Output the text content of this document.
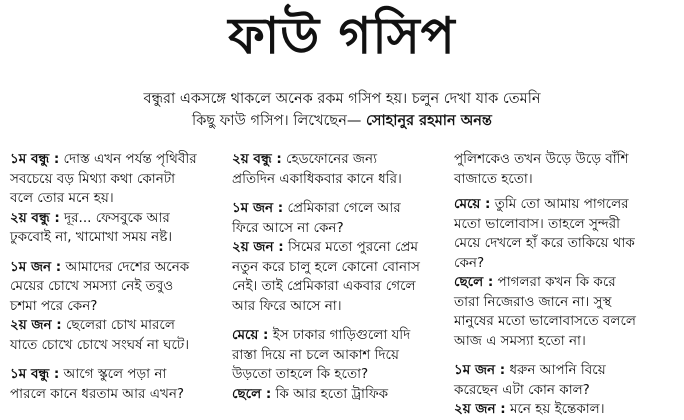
ফাউ গসিপ
বন্ধুরা একসঙ্গে থাকলে অনেক রকম গসিপ হয়। চলুন দেখা যাক তেমনি
কিছু ফাউ গসিপ। লিখেছেন— সোহানুর রহমান অনন্ত
১ম বন্ধু : দোস্ত এখন পর্যন্ত পৃথিবীর
সবচেয়ে বড় মিথ্যা কথা কোনটা
বলে তোর মনে হয়।
২য় বন্ধু : দূর... ফেসবুকে আর
ঢুকবোই না, খামোখা সময় নষ্ট।
১ম জন : আমাদের দেশের অনেক
মেয়ের চোখে সমস্যা নেই তবুও
চশমা পরে কেন?
২য় জন : ছেলেরা চোখ মারলে
যাতে চোখে চোখে সংঘর্ষ না ঘটে।
১ম বন্ধু : আগে স্কুলে পড়া না
পারলে কানে ধরতাম আর এখন?
২য় বন্ধু : হেডফোনের জন্য
প্রতিদিন একাধিকবার কানে ধরি।
১ম জন : প্রেমিকারা গেলে আর
ফিরে আসে না কেন?
২য় জন : সিমের মতো পুরনো প্রেম
নতুন করে চালু হলে কোনো বোনাস
নেই। তাই প্রেমিকারা একবার গেলে
আর ফিরে আসে না।
মেয়ে : ইস ঢাকার গাড়িগুলো যদি
রাস্তা দিয়ে না চলে আকাশ দিয়ে
উড়তো তাহলে কি হতো?
ছেলে : কি আর হতো ট্রাফিক
পুলিশকেও তখন উড়ে উড়ে বাঁশি
বাজাতে হতো।
মেয়ে : তুমি তো আমায় পাগলের
মতো ভালোবাস। তাহলে সুন্দরী
মেয়ে দেখলে হাঁ করে তাকিয়ে থাক
কেন?
ছেলে : পাগলরা কখন কি করে
তারা নিজেরাও জানে না। সুস্থ
মানুষের মতো ভালোবাসতে বললে
আজ এ সমস্যা হতো না।
১ম জন : ধরুন আপনি বিয়ে
করেছেন এটা কোন কাল?
২য় জন : মনে হয় ইন্তেকাল।
